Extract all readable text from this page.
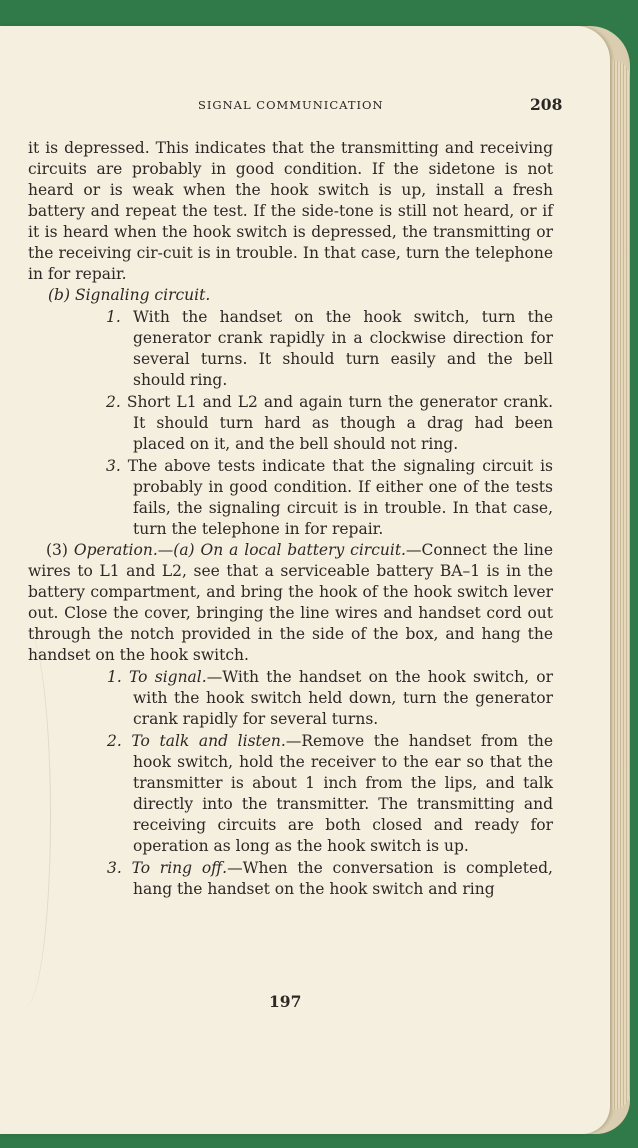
SIGNAL COMMUNICATION	208

it is depressed. This indicates that the transmitting and receiving circuits are probably in good condition. If the sidetone is not heard or is weak when the hook switch is up, install a fresh battery and repeat the test. If the side-tone is still not heard, or if it is heard when the hook switch is depressed, the transmitting or the receiving cir-cuit is in trouble. In that case, turn the telephone in for repair.

(b) Signaling circuit.

1. With the handset on the hook switch, turn the generator crank rapidly in a clockwise direction for several turns. It should turn easily and the bell should ring.

2. Short L1 and L2 and again turn the generator crank. It should turn hard as though a drag had been placed on it, and the bell should not ring.

3. The above tests indicate that the signaling circuit is probably in good condition. If either one of the tests fails, the signaling circuit is in trouble. In that case, turn the telephone in for repair.

(3) Operation.—(a) On a local battery circuit.—Connect the line wires to L1 and L2, see that a serviceable battery BA–1 is in the battery compartment, and bring the hook of the hook switch lever out. Close the cover, bringing the line wires and handset cord out through the notch provided in the side of the box, and hang the handset on the hook switch.

1. To signal.—With the handset on the hook switch, or with the hook switch held down, turn the generator crank rapidly for several turns.

2. To talk and listen.—Remove the handset from the hook switch, hold the receiver to the ear so that the transmitter is about 1 inch from the lips, and talk directly into the transmitter. The transmitting and receiving circuits are both closed and ready for operation as long as the hook switch is up.

3. To ring off.—When the conversation is completed, hang the handset on the hook switch and ring

197
